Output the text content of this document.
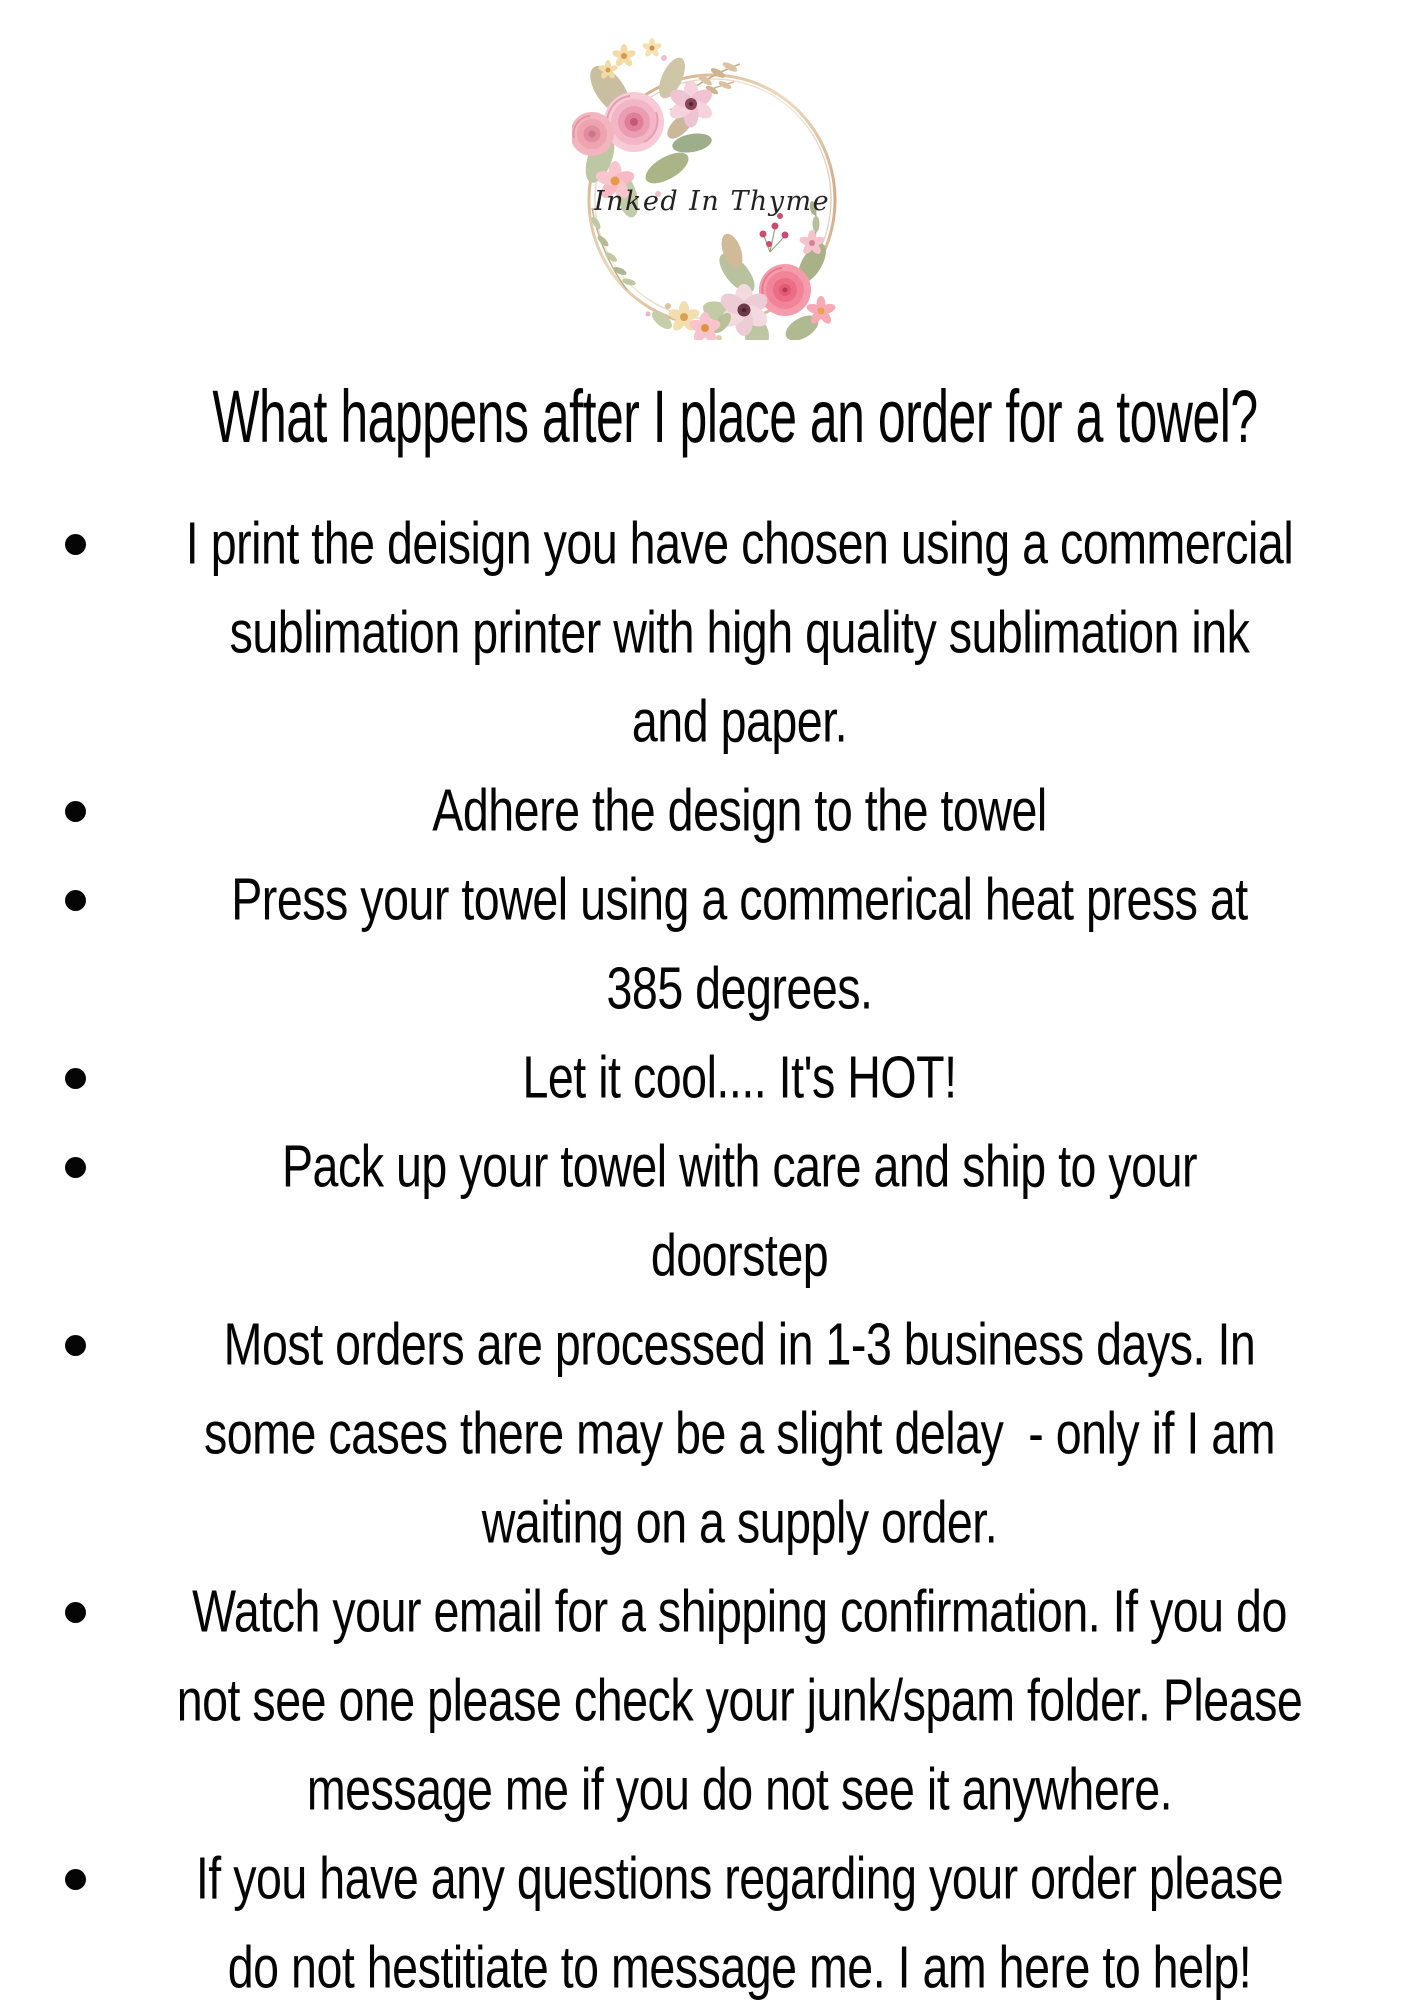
Inked In Thyme
What happens after I place an order for a towel?
I print the deisign you have chosen using a commercial
sublimation printer with high quality sublimation ink
and paper.
Adhere the design to the towel
Press your towel using a commerical heat press at
385 degrees.
Let it cool.... It's HOT!
Pack up your towel with care and ship to your
doorstep
Most orders are processed in 1-3 business days. In
some cases there may be a slight delay  - only if I am
waiting on a supply order.
Watch your email for a shipping confirmation. If you do
not see one please check your junk/spam folder. Please
message me if you do not see it anywhere.
If you have any questions regarding your order please
do not hestitiate to message me. I am here to help!
